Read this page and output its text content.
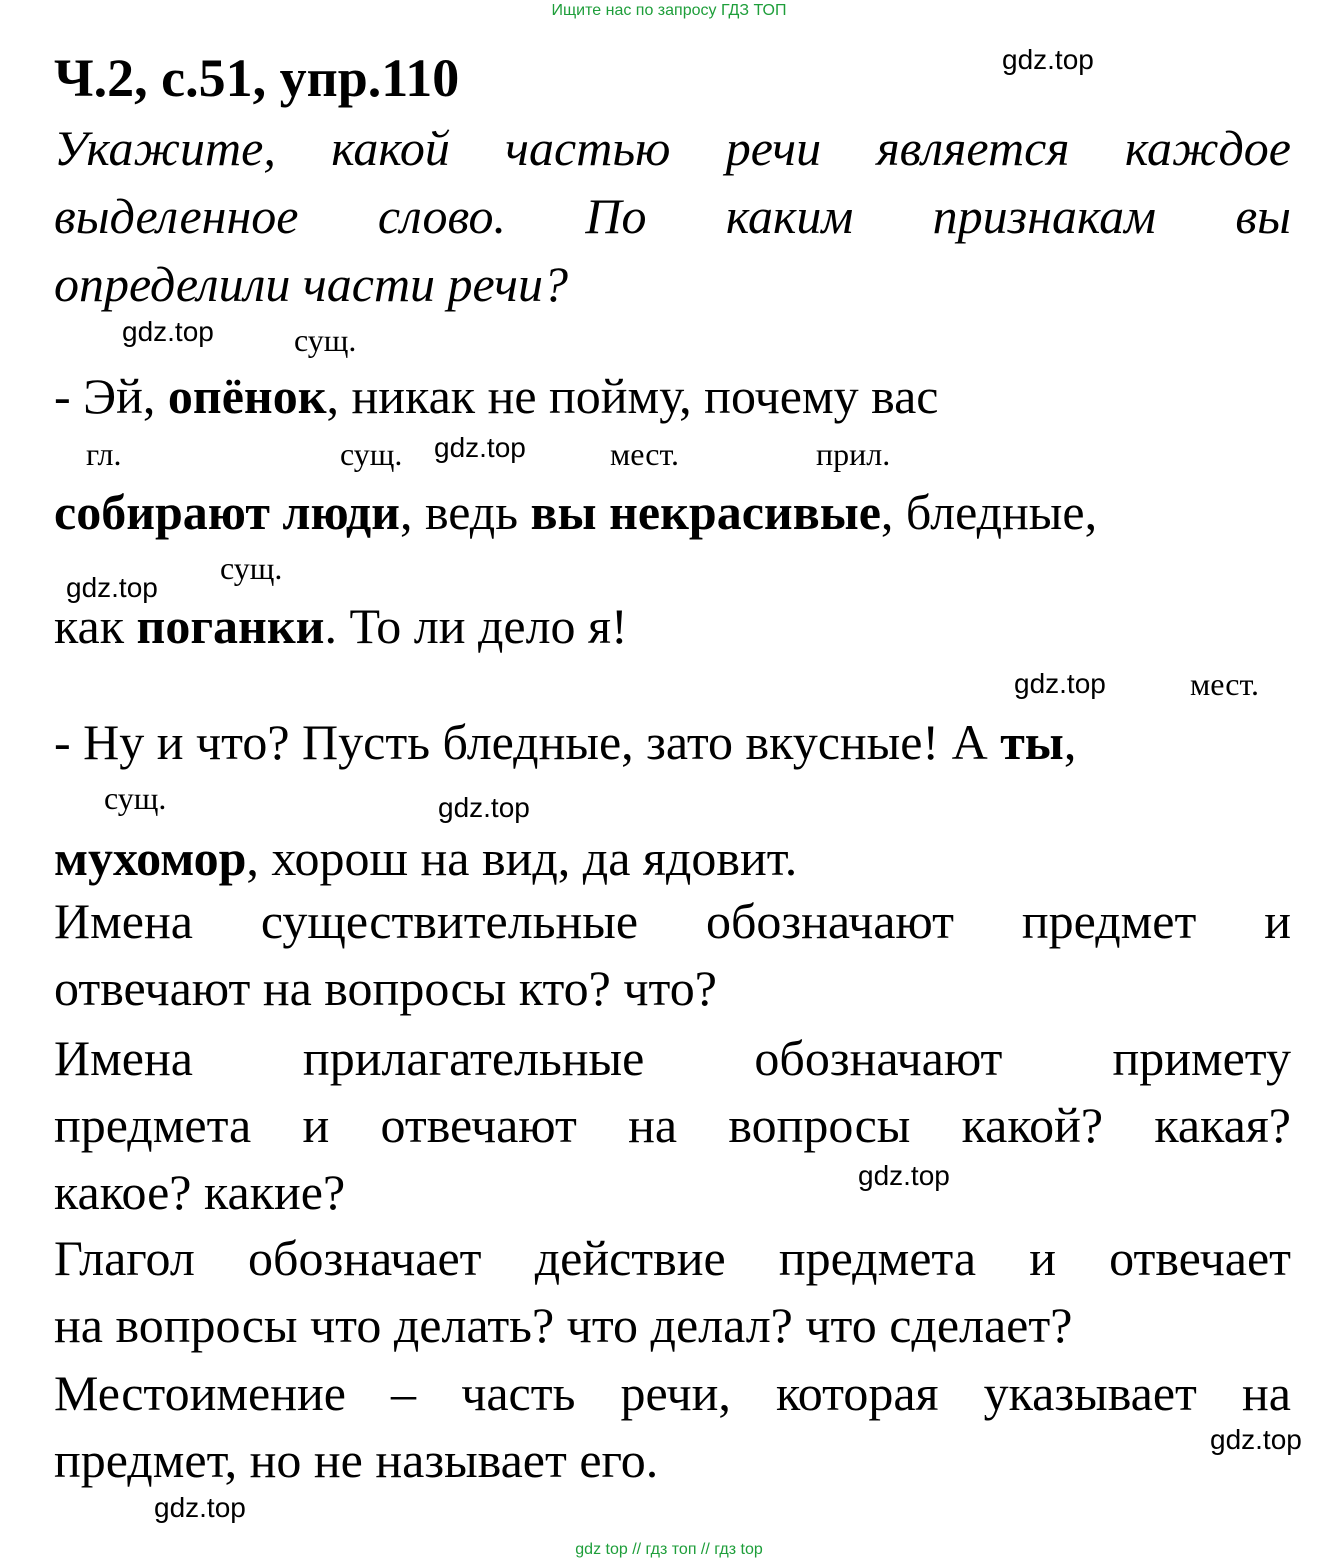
Ищите нас по запросу ГДЗ ТОП
Ч.2, с.51, упр.110	gdz.top
Укажите, какой частью речи является каждое
выделенное слово. По каким признакам вы
определили части речи?
gdz.top	сущ.
- Эй, опёнок, никак не пойму, почему вас
гл.	сущ. gdz.top	мест.	прил.
собирают люди, ведь вы некрасивые, бледные,
сущ.
gdz.top
как поганки. То ли дело я!
gdz.top	мест.
- Ну и что? Пусть бледные, зато вкусные! А ты,
сущ.	gdz.top
мухомор, хорош на вид, да ядовит.
Имена существительные обозначают предмет и
отвечают на вопросы кто? что?
Имена прилагательные обозначают примету
предмета и отвечают на вопросы какой? какая?
какое? какие?	gdz.top
Глагол обозначает действие предмета и отвечает
на вопросы что делать? что делал? что сделает?
Местоимение – часть речи, которая указывает на
предмет, но не называет его.	gdz.top
gdz.top
gdz top // гдз топ // гдз top
